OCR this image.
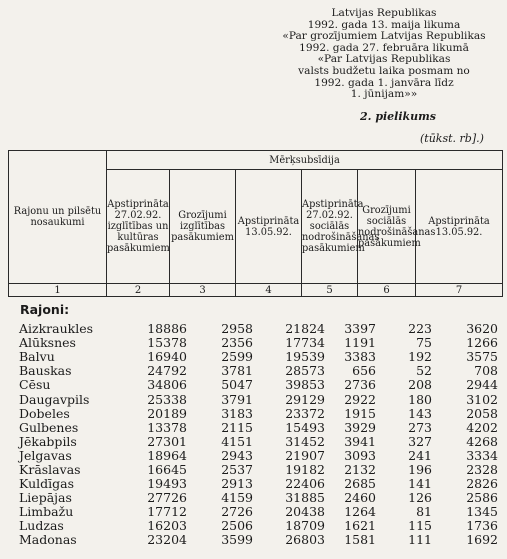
Latvijas Republikas
1992. gada 13. maija likuma
«Par grozījumiem Latvijas Republikas
1992. gada 27. februāra likumā
«Par Latvijas Republikas
valsts budžetu laika posmam no
1992. gada 1. janvāra līdz
1. jūnijam»»
2. pielikums
(tūkst. rb].)
Rajonu un pilsētu nosaukumi	Mērķsubsīdija					
	Apstiprināta 27.02.92. izglītības un kultūras pasākumiem	Grozījumi izglītības pasākumiem	Apstiprināta 13.05.92.	Apstiprināta 27.02.92. sociālās nodrošināšanas pasākumiem	Grozījumi sociālās nodrošināšanas pasākumiem	Apstiprināta 13.05.92.
1	2	3	4	5	6	7
Rajoni:
Aizkraukles	18886	2958	21824	3397	223	3620
Alūksnes	15378	2356	17734	1191	75	1266
Balvu	16940	2599	19539	3383	192	3575
Bauskas	24792	3781	28573	656	52	708
Cēsu	34806	5047	39853	2736	208	2944
Daugavpils	25338	3791	29129	2922	180	3102
Dobeles	20189	3183	23372	1915	143	2058
Gulbenes	13378	2115	15493	3929	273	4202
Jēkabpils	27301	4151	31452	3941	327	4268
Jelgavas	18964	2943	21907	3093	241	3334
Krāslavas	16645	2537	19182	2132	196	2328
Kuldīgas	19493	2913	22406	2685	141	2826
Liepājas	27726	4159	31885	2460	126	2586
Limbažu	17712	2726	20438	1264	81	1345
Ludzas	16203	2506	18709	1621	115	1736
Madonas	23204	3599	26803	1581	111	1692
